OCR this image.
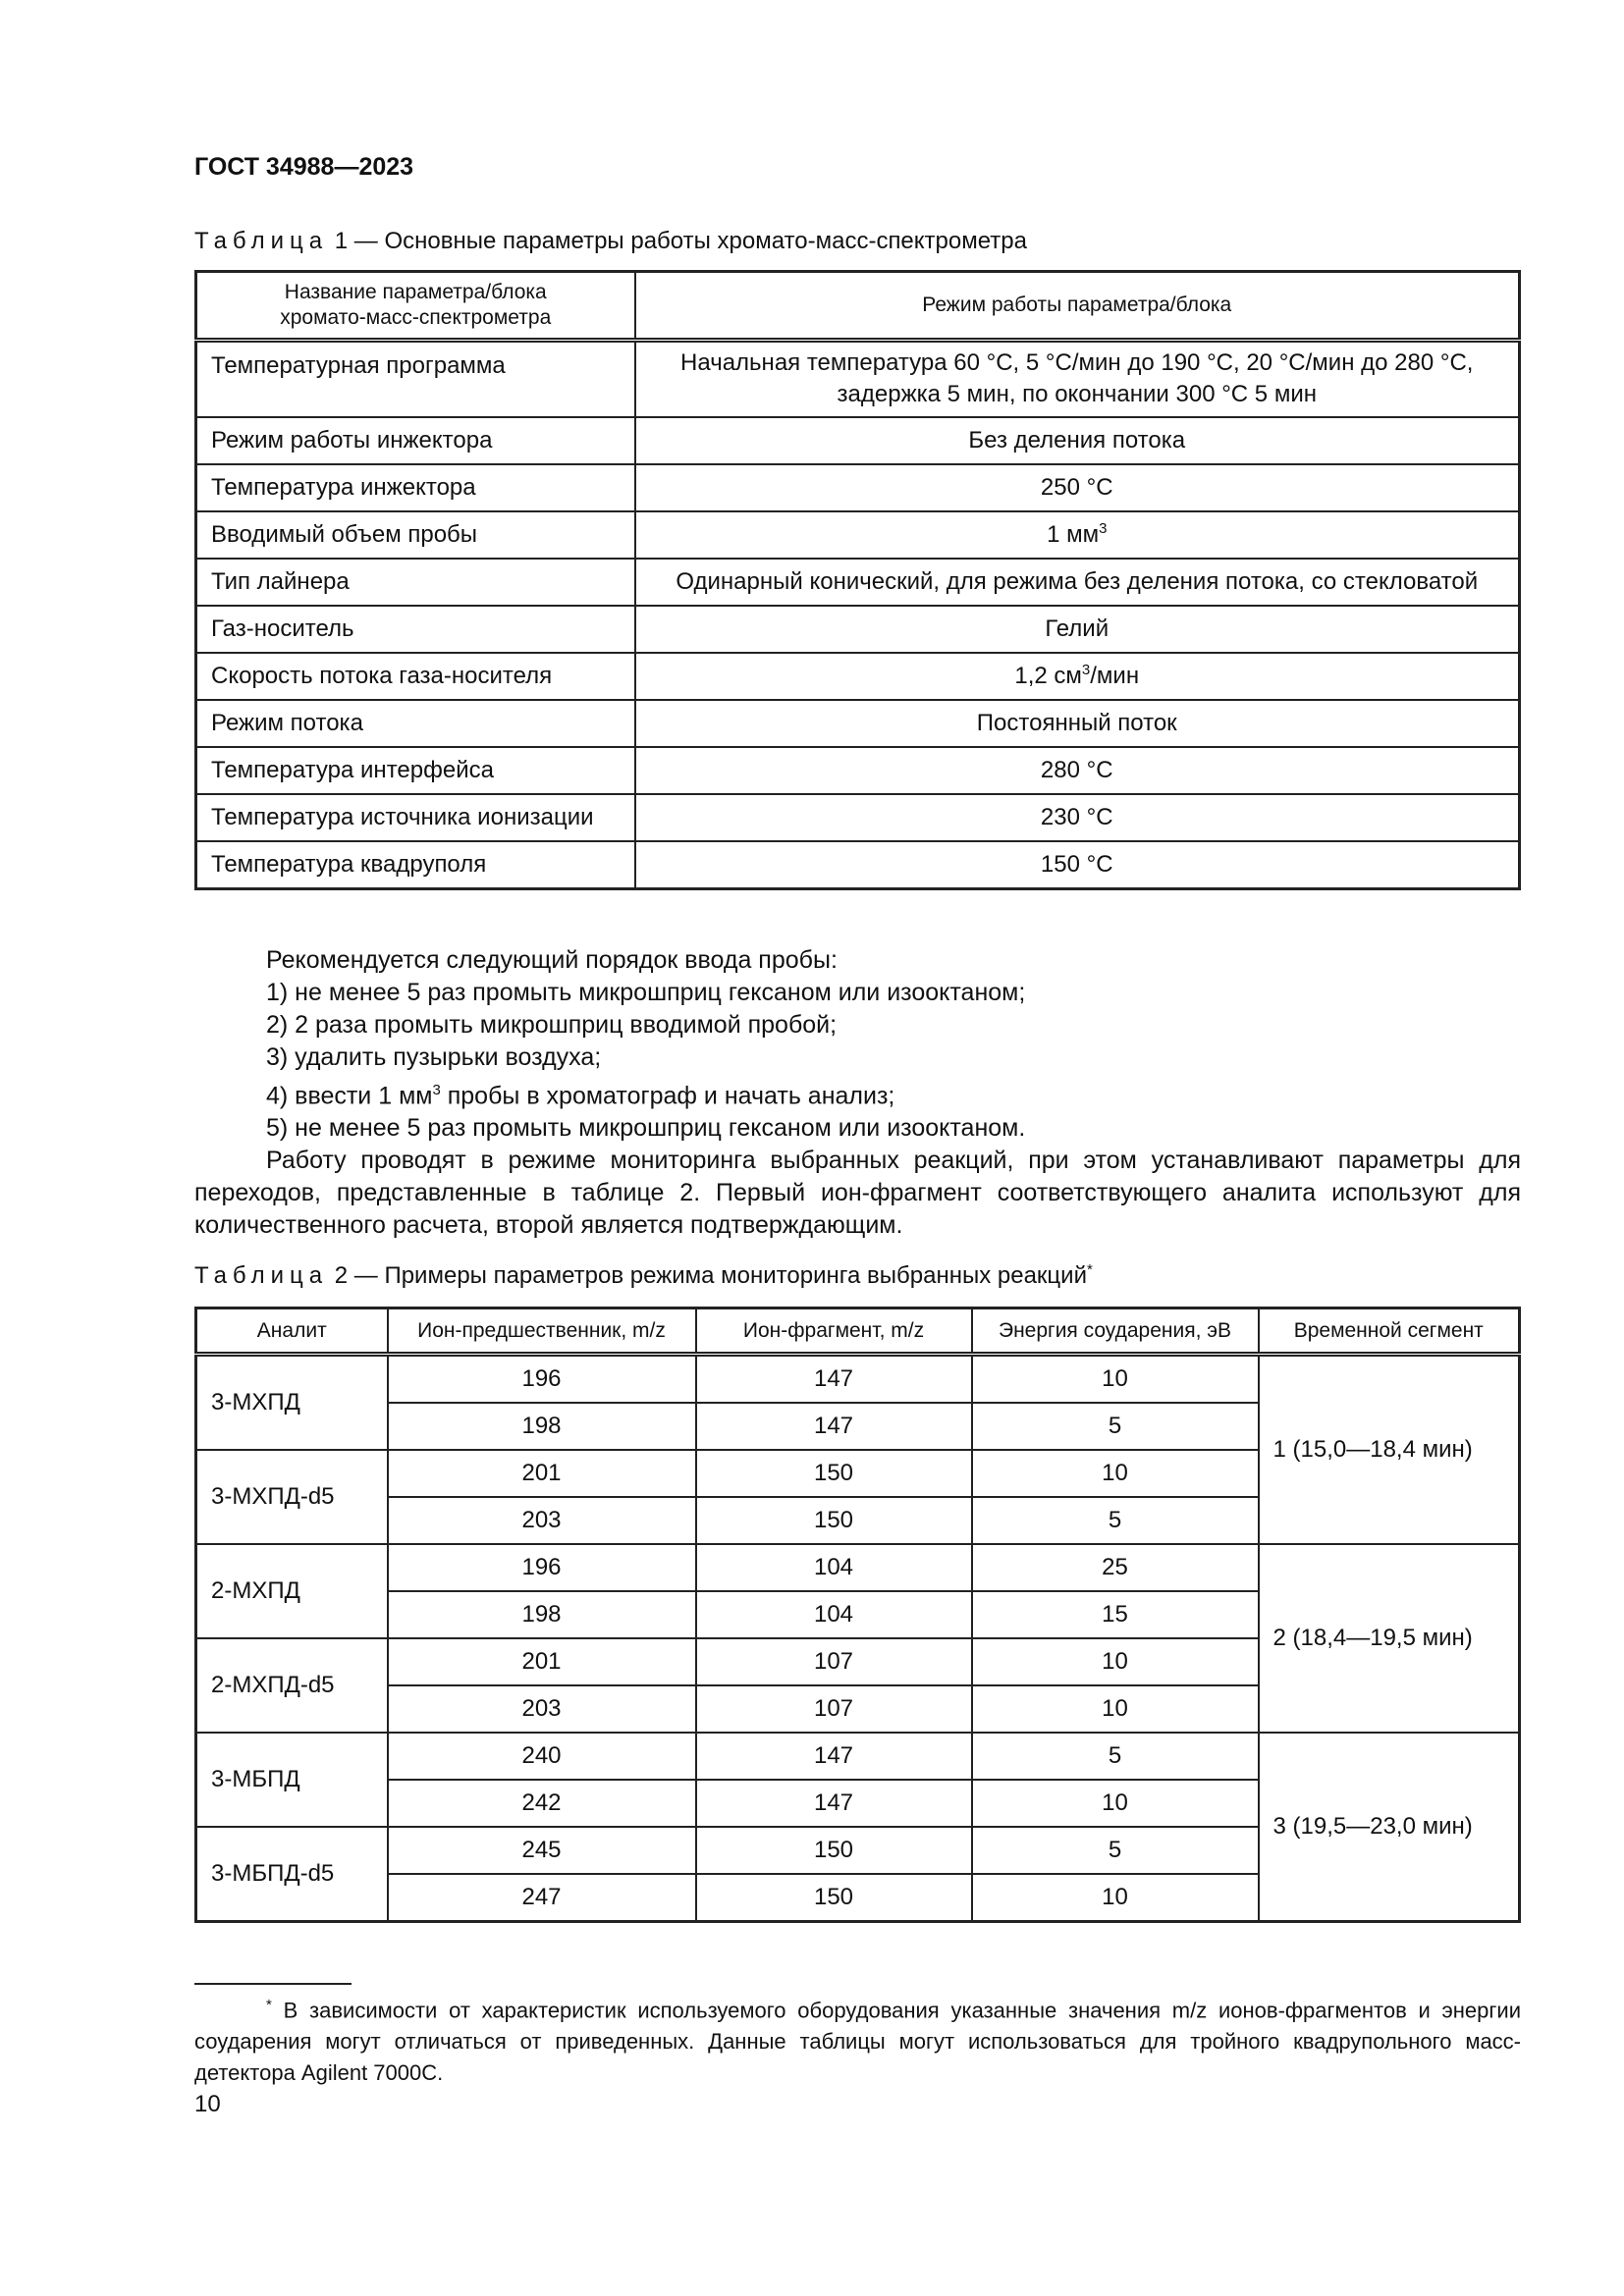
ГОСТ 34988—2023
Таблица 1 — Основные параметры работы хромато-масс-спектрометра
Название параметра/блока хромато-масс-спектрометра	Режим работы параметра/блока
Температурная программа	Начальная температура 60 °С, 5 °С/мин до 190 °С, 20 °С/мин до 280 °С, задержка 5 мин, по окончании 300 °С 5 мин
Режим работы инжектора	Без деления потока
Температура инжектора	250 °С
Вводимый объем пробы	1 $мм^3$
Тип лайнера	Одинарный конический, для режима без деления потока, со стекловатой
Газ-носитель	Гелий
Скорость потока газа-носителя	1,2 $см^3$/мин
Режим потока	Постоянный поток
Температура интерфейса	280 °С
Температура источника ионизации	230 °С
Температура квадруполя	150 °С

Рекомендуется следующий порядок ввода пробы:

1) не менее 5 раз промыть микрошприц гексаном или изооктаном;

2) 2 раза промыть микрошприц вводимой пробой;

3) удалить пузырьки воздуха;

4) ввести 1 $мм^3$ пробы в хроматограф и начать анализ;

5) не менее 5 раз промыть микрошприц гексаном или изооктаном.

Работу проводят в режиме мониторинга выбранных реакций, при этом устанавливают параметры для переходов, представленные в таблице 2. Первый ион-фрагмент соответствующего аналита используют для количественного расчета, второй является подтверждающим.

Таблица 2 — Примеры параметров режима мониторинга выбранных реакций*
Аналит	Ион-предшественник, m/z	Ион-фрагмент, m/z	Энергия соударения, эВ	Временной сегмент
3-МХПД	196	147	10	1 (15,0—18,4 мин)
	198	147	5	
3-МХПД-d5	201	150	10	
	203	150	5	
2-МХПД	196	104	25	2 (18,4—19,5 мин)
	198	104	15	
2-МХПД-d5	201	107	10	
	203	107	10	
3-МБПД	240	147	5	3 (19,5—23,0 мин)
	242	147	10	
3-МБПД-d5	245	150	5	
	247	150	10	
* В зависимости от характеристик используемого оборудования указанные значения m/z ионов-фрагментов и энергии соударения могут отличаться от приведенных. Данные таблицы могут использоваться для тройного квадрупольного масс-детектора Agilent 7000С.
10
